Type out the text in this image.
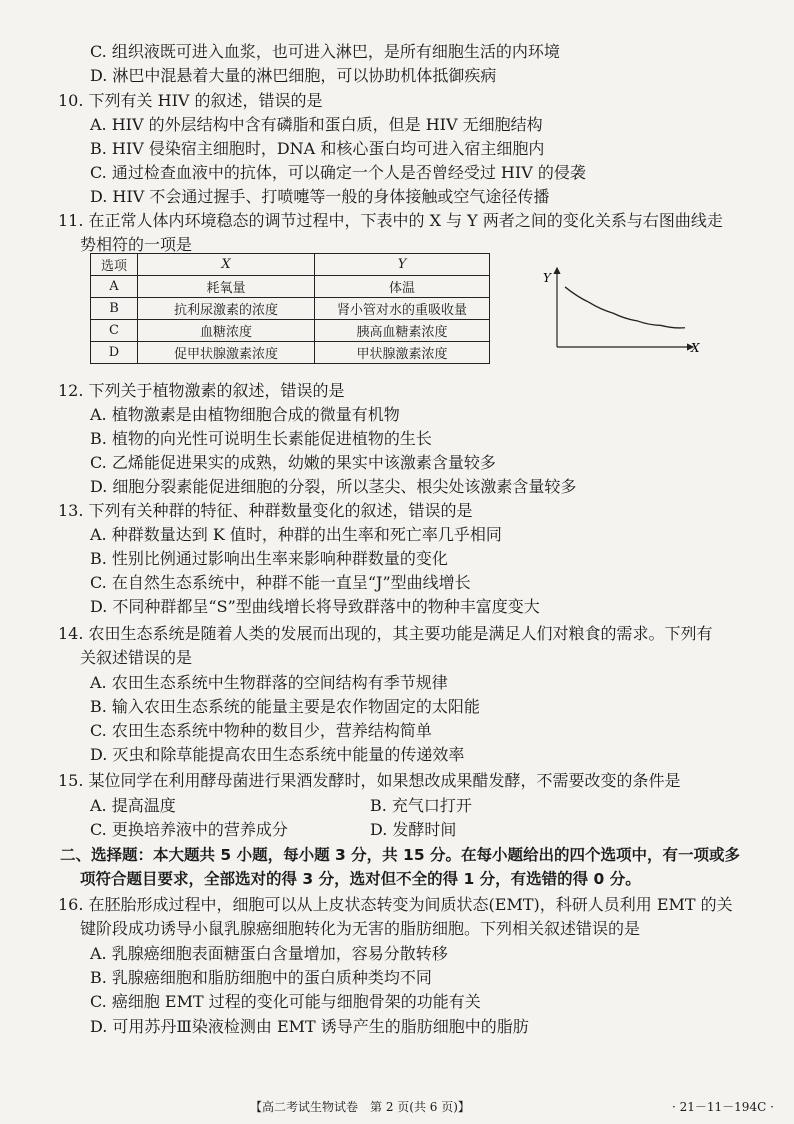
C. 组织液既可进入血浆，也可进入淋巴，是所有细胞生活的内环境
D. 淋巴中混悬着大量的淋巴细胞，可以协助机体抵御疾病
10. 下列有关 HIV 的叙述，错误的是
A. HIV 的外层结构中含有磷脂和蛋白质，但是 HIV 无细胞结构
B. HIV 侵染宿主细胞时，DNA 和核心蛋白均可进入宿主细胞内
C. 通过检查血液中的抗体，可以确定一个人是否曾经受过 HIV 的侵袭
D. HIV 不会通过握手、打喷嚏等一般的身体接触或空气途径传播
11. 在正常人体内环境稳态的调节过程中，下表中的 X 与 Y 两者之间的变化关系与右图曲线走
势相符的一项是
选项	X	Y
A	耗氧量	体温
B	抗利尿激素的浓度	肾小管对水的重吸收量
C	血糖浓度	胰高血糖素浓度
D	促甲状腺激素浓度	甲状腺激素浓度
Y
X
12. 下列关于植物激素的叙述，错误的是
A. 植物激素是由植物细胞合成的微量有机物
B. 植物的向光性可说明生长素能促进植物的生长
C. 乙烯能促进果实的成熟，幼嫩的果实中该激素含量较多
D. 细胞分裂素能促进细胞的分裂，所以茎尖、根尖处该激素含量较多
13. 下列有关种群的特征、种群数量变化的叙述，错误的是
A. 种群数量达到 K 值时，种群的出生率和死亡率几乎相同
B. 性别比例通过影响出生率来影响种群数量的变化
C. 在自然生态系统中，种群不能一直呈“J”型曲线增长
D. 不同种群都呈“S”型曲线增长将导致群落中的物种丰富度变大
14. 农田生态系统是随着人类的发展而出现的，其主要功能是满足人们对粮食的需求。下列有
关叙述错误的是
A. 农田生态系统中生物群落的空间结构有季节规律
B. 输入农田生态系统的能量主要是农作物固定的太阳能
C. 农田生态系统中物种的数目少，营养结构简单
D. 灭虫和除草能提高农田生态系统中能量的传递效率
15. 某位同学在利用酵母菌进行果酒发酵时，如果想改成果醋发酵，不需要改变的条件是
A. 提高温度	B. 充气口打开
C. 更换培养液中的营养成分	D. 发酵时间
二、选择题：本大题共 5 小题，每小题 3 分，共 15 分。在每小题给出的四个选项中，有一项或多
项符合题目要求，全部选对的得 3 分，选对但不全的得 1 分，有选错的得 0 分。
16. 在胚胎形成过程中，细胞可以从上皮状态转变为间质状态(EMT)，科研人员利用 EMT 的关
键阶段成功诱导小鼠乳腺癌细胞转化为无害的脂肪细胞。下列相关叙述错误的是
A. 乳腺癌细胞表面糖蛋白含量增加，容易分散转移
B. 乳腺癌细胞和脂肪细胞中的蛋白质种类均不同
C. 癌细胞 EMT 过程的变化可能与细胞骨架的功能有关
D. 可用苏丹Ⅲ染液检测由 EMT 诱导产生的脂肪细胞中的脂肪
【高二考试生物试卷　第 2 页(共 6 页)】	· 21－11－194C ·
